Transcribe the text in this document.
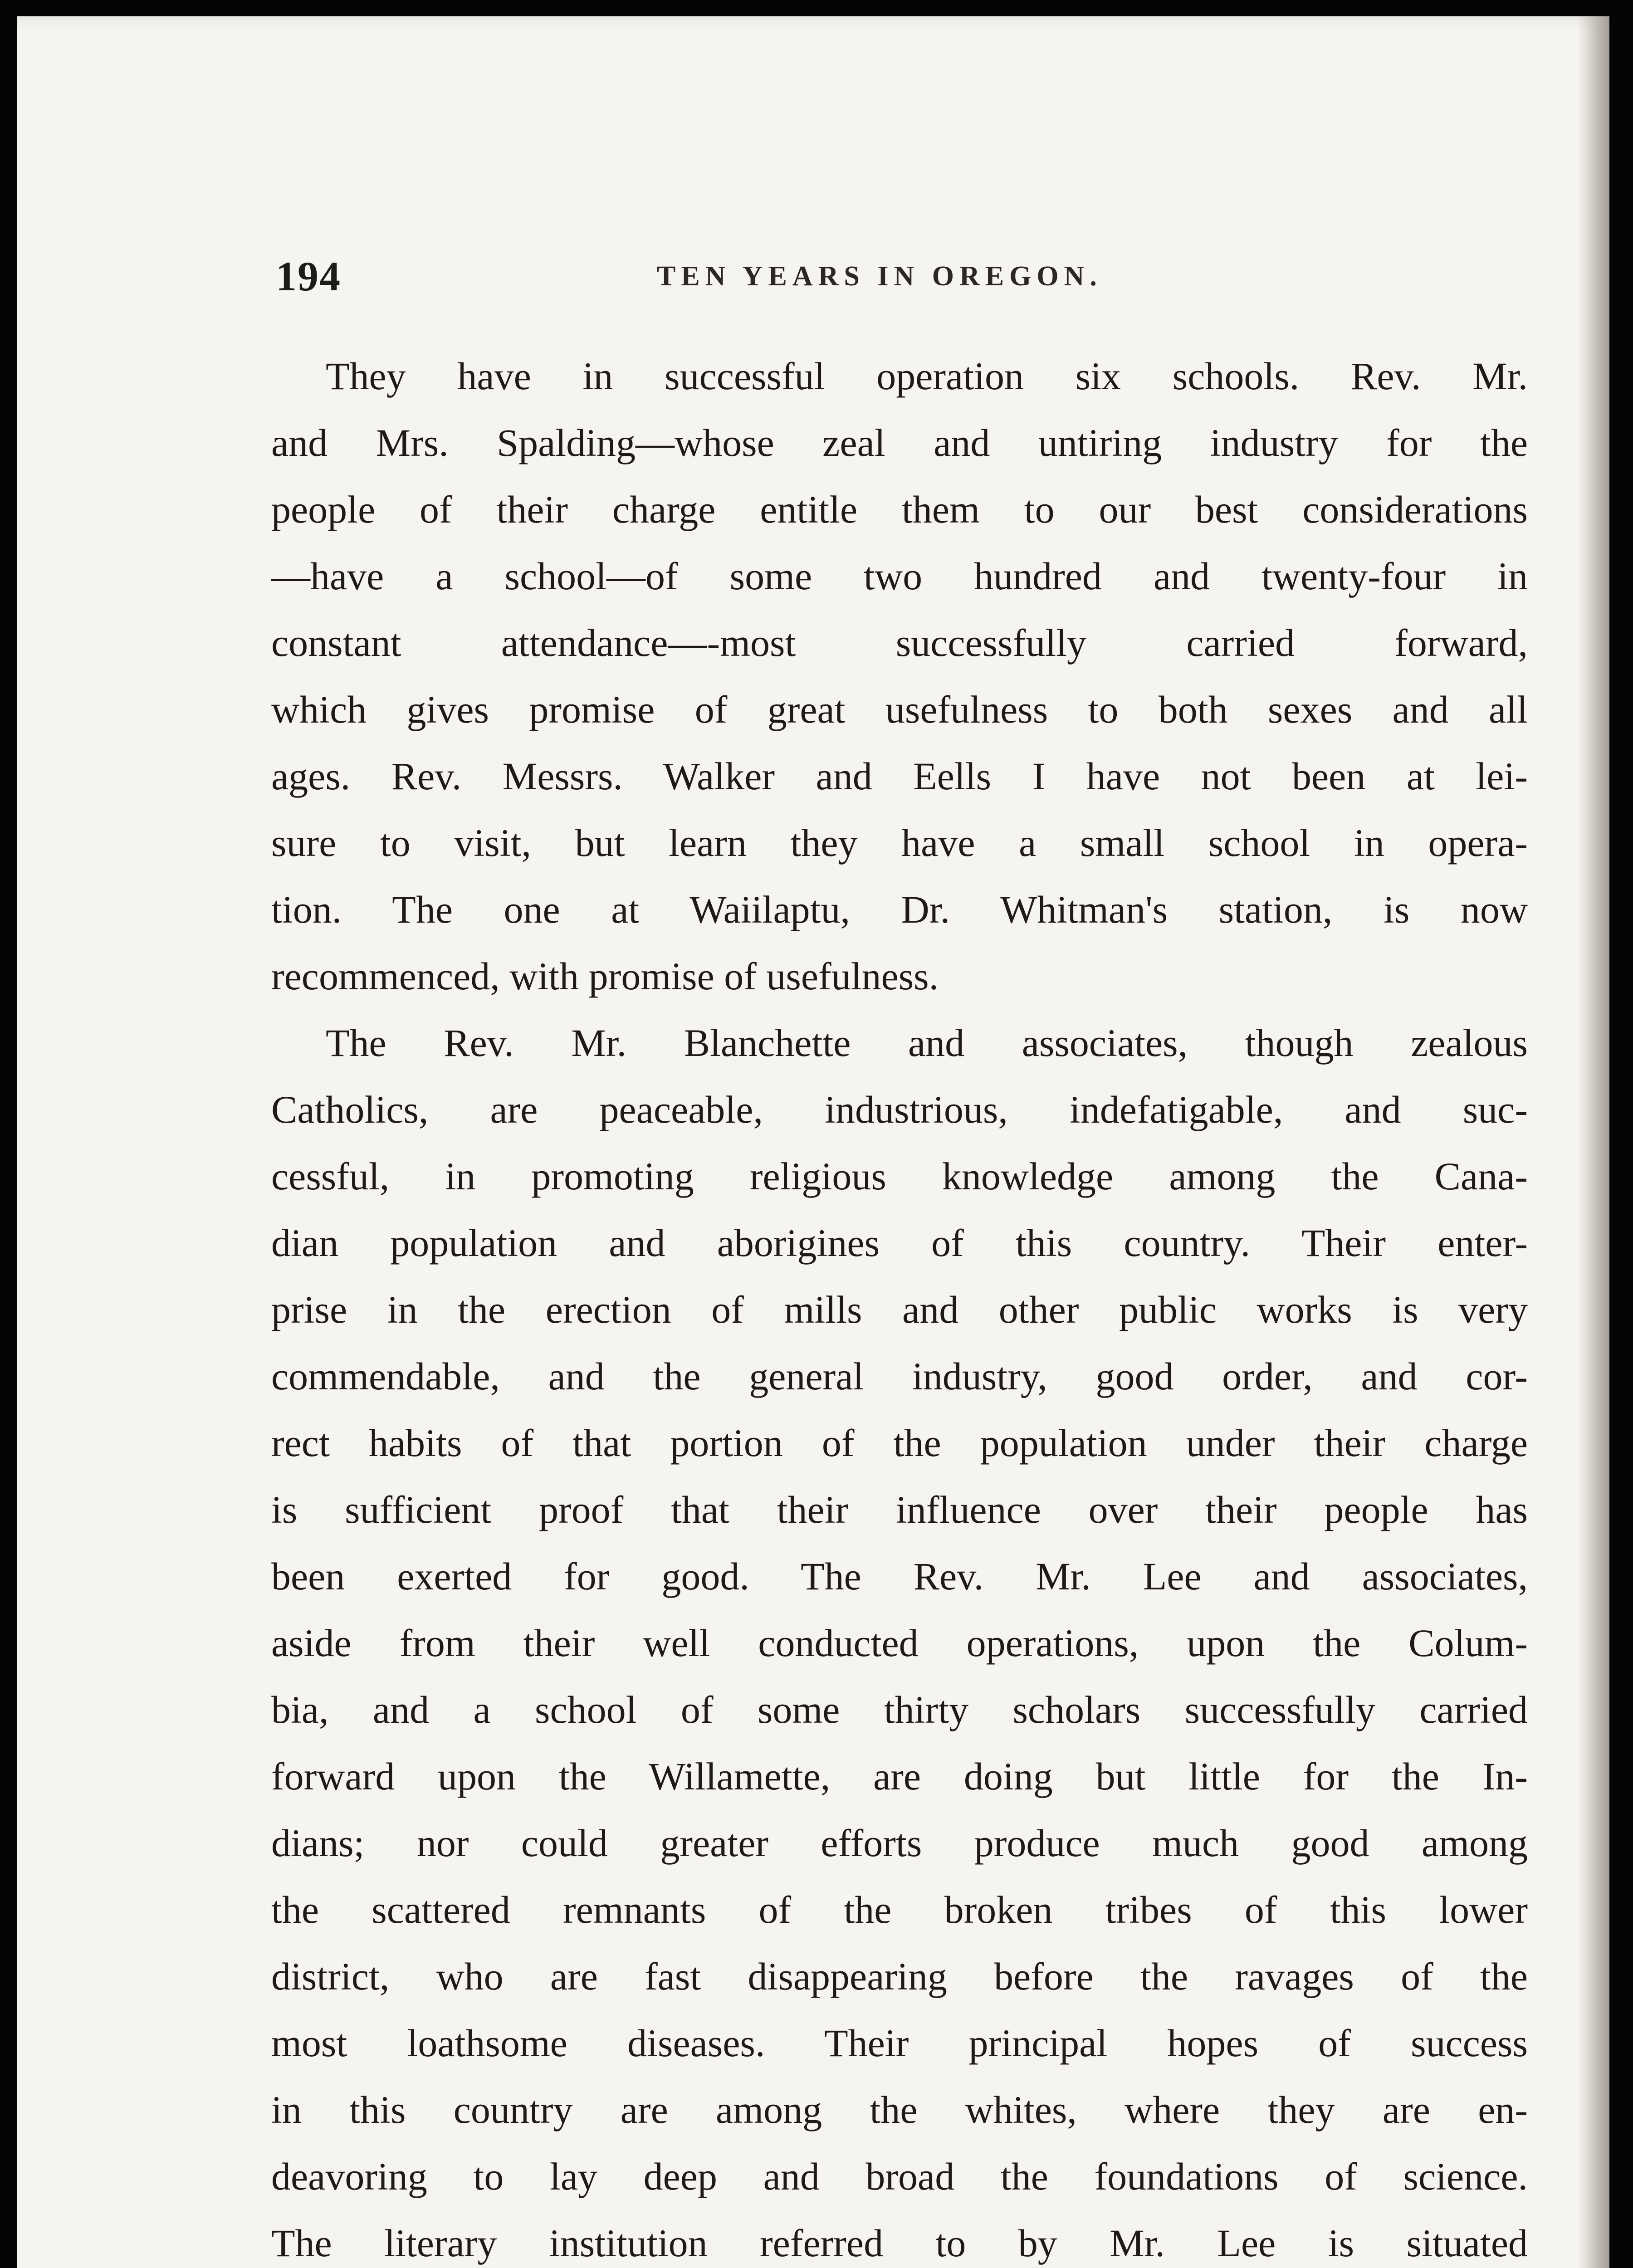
194	TEN YEARS IN OREGON.
They have in successful operation six schools. Rev. Mr.
and Mrs. Spalding—whose zeal and untiring industry for the
people of their charge entitle them to our best considerations
—have a school—of some two hundred and twenty-four in
constant attendance—-most successfully carried forward,
which gives promise of great usefulness to both sexes and all
ages. Rev. Messrs. Walker and Eells I have not been at lei-
sure to visit, but learn they have a small school in opera-
tion. The one at Waiilaptu, Dr. Whitman's station, is now
recommenced, with promise of usefulness.
The Rev. Mr. Blanchette and associates, though zealous
Catholics, are peaceable, industrious, indefatigable, and suc-
cessful, in promoting religious knowledge among the Cana-
dian population and aborigines of this country. Their enter-
prise in the erection of mills and other public works is very
commendable, and the general industry, good order, and cor-
rect habits of that portion of the population under their charge
is sufficient proof that their influence over their people has
been exerted for good. The Rev. Mr. Lee and associates,
aside from their well conducted operations, upon the Colum-
bia, and a school of some thirty scholars successfully carried
forward upon the Willamette, are doing but little for the In-
dians; nor could greater efforts produce much good among
the scattered remnants of the broken tribes of this lower
district, who are fast disappearing before the ravages of the
most loathsome diseases. Their principal hopes of success
in this country are among the whites, where they are en-
deavoring to lay deep and broad the foundations of science.
The literary institution referred to by Mr. Lee is situated
